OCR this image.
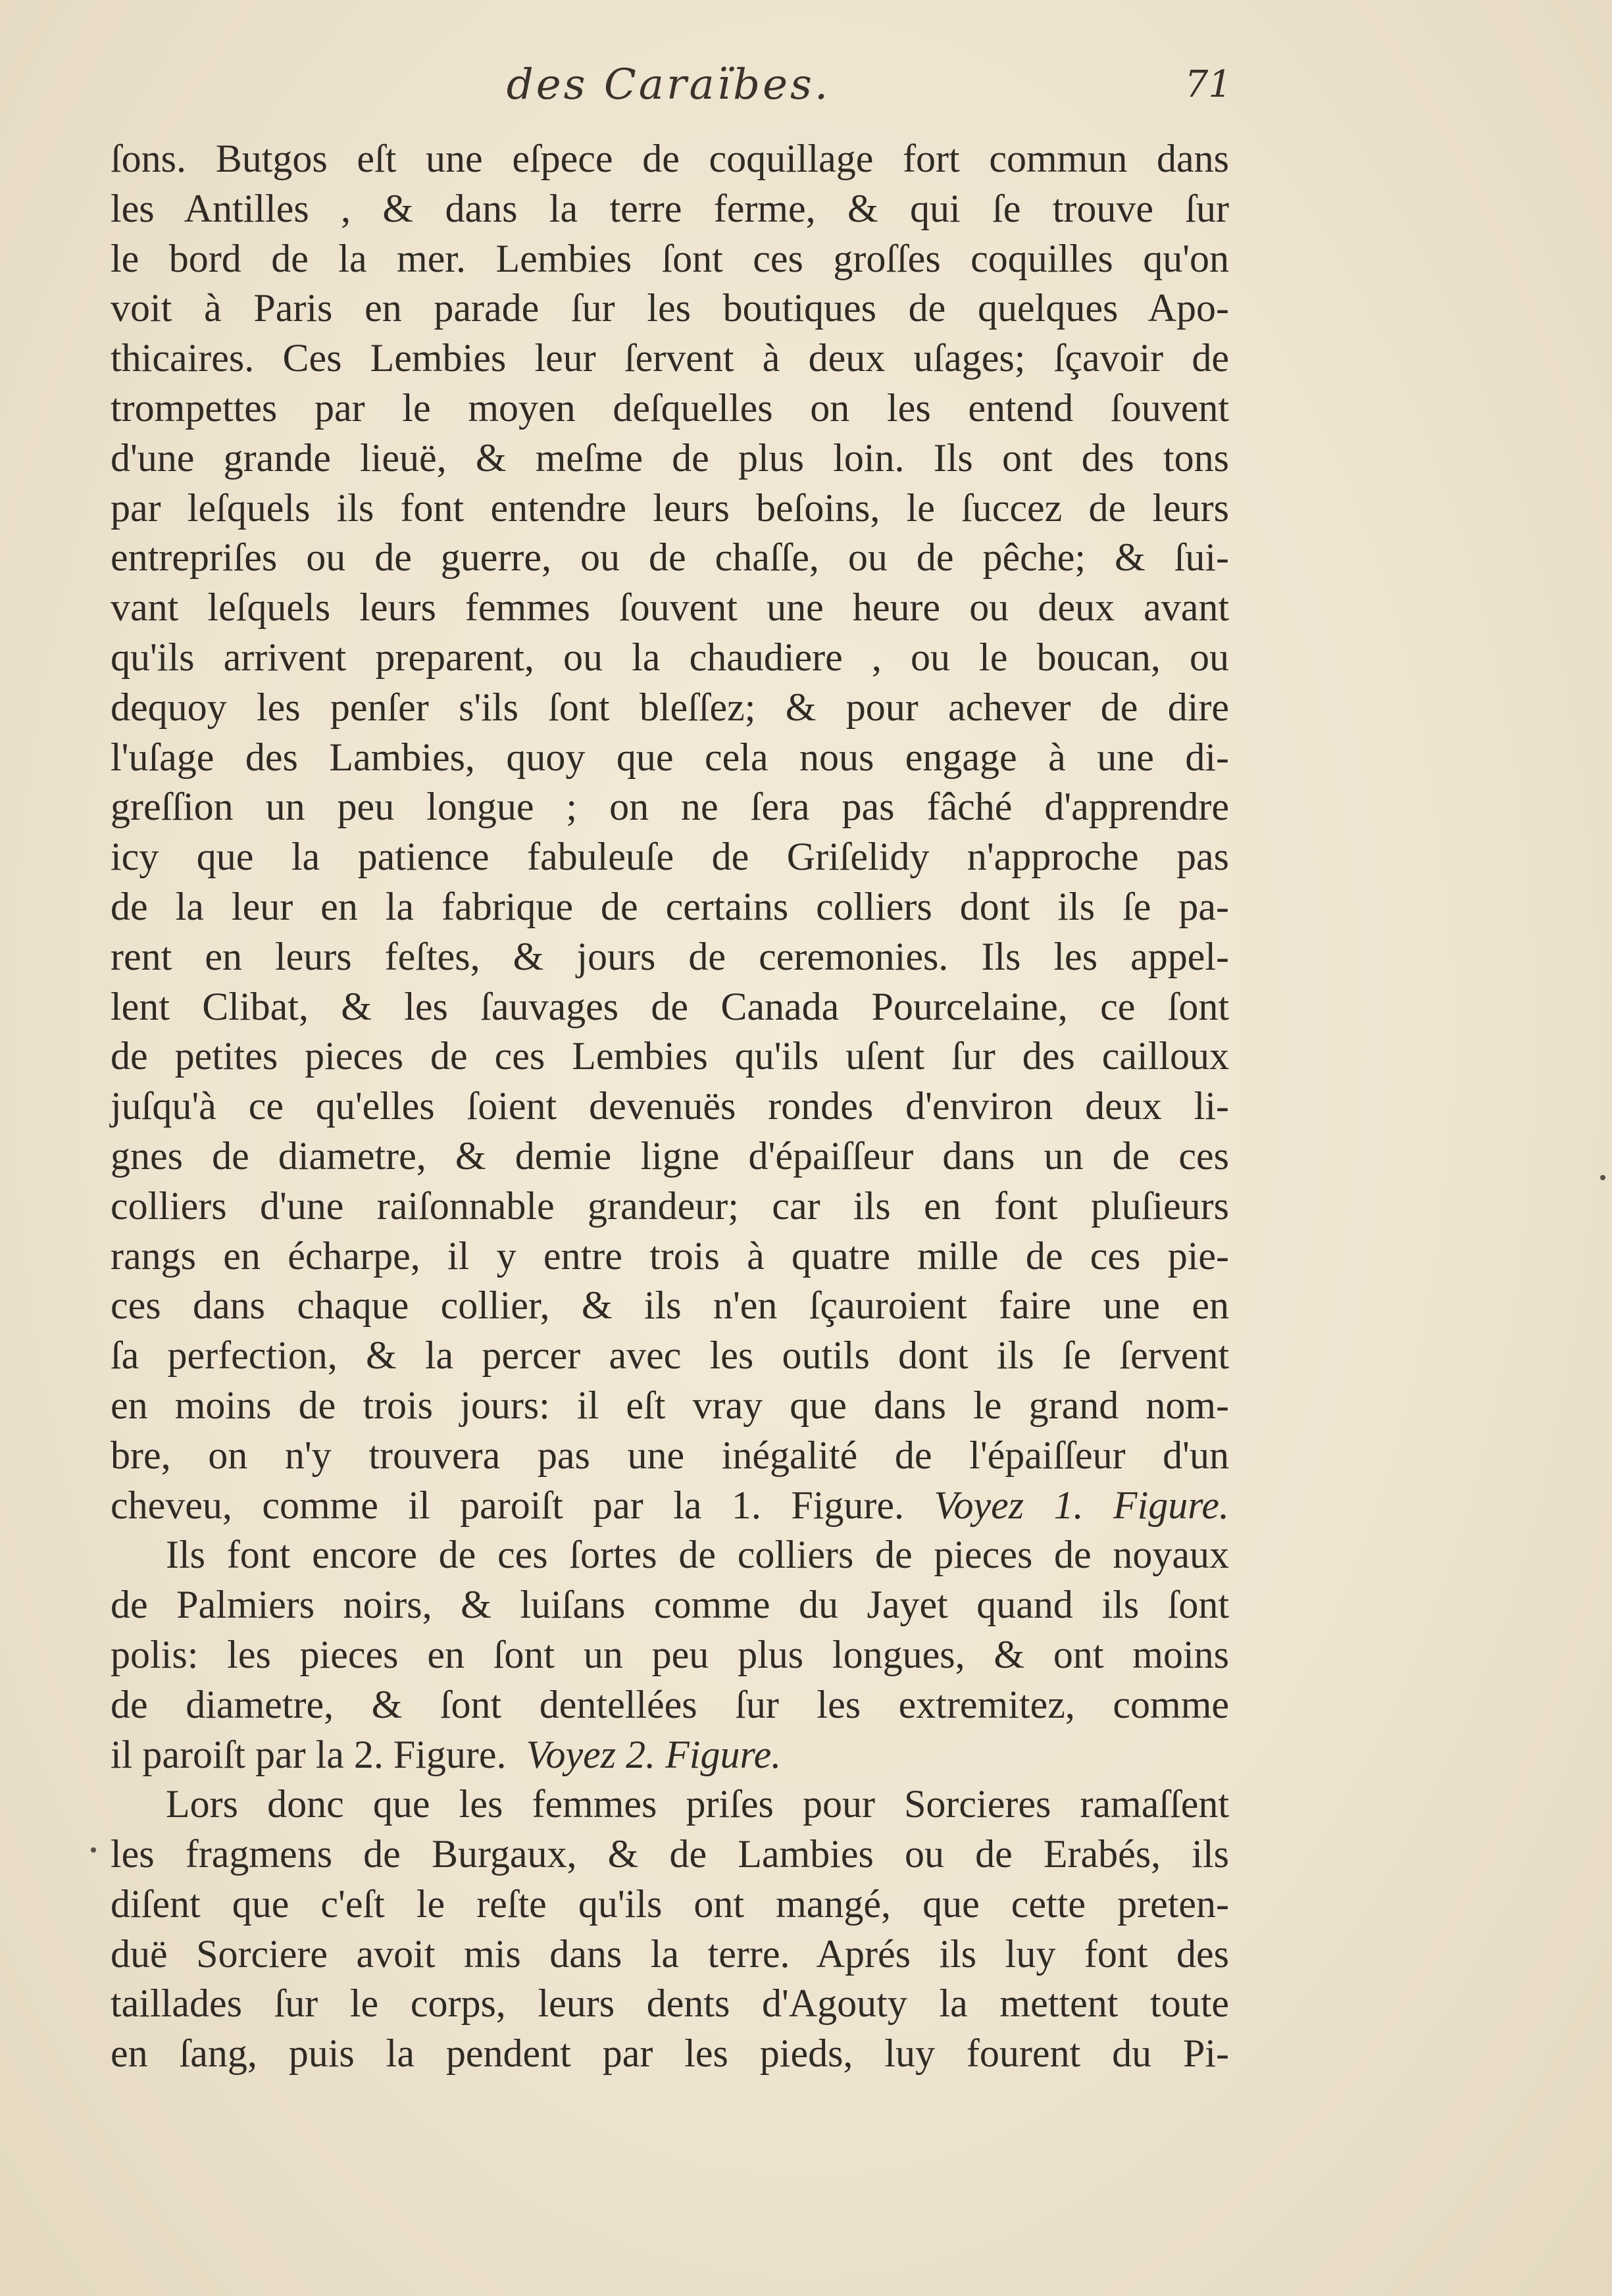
des Caraïbes.	71
ſons. Butgos eſt une eſpece de coquillage fort commun dans
les Antilles , & dans la terre ferme, & qui ſe trouve ſur
le bord de la mer. Lembies ſont ces groſſes coquilles qu'on
voit à Paris en parade ſur les boutiques de quelques Apo-
thicaires. Ces Lembies leur ſervent à deux uſages; ſçavoir de
trompettes par le moyen deſquelles on les entend ſouvent
d'une grande lieuë, & meſme de plus loin. Ils ont des tons
par leſquels ils font entendre leurs beſoins, le ſuccez de leurs
entrepriſes ou de guerre, ou de chaſſe, ou de pêche; & ſui-
vant leſquels leurs femmes ſouvent une heure ou deux avant
qu'ils arrivent preparent, ou la chaudiere , ou le boucan, ou
dequoy les penſer s'ils ſont bleſſez; & pour achever de dire
l'uſage des Lambies, quoy que cela nous engage à une di-
greſſion un peu longue ; on ne ſera pas fâché d'apprendre
icy que la patience fabuleuſe de Griſelidy n'approche pas
de la leur en la fabrique de certains colliers dont ils ſe pa-
rent en leurs feſtes, & jours de ceremonies. Ils les appel-
lent Clibat, & les ſauvages de Canada Pourcelaine, ce ſont
de petites pieces de ces Lembies qu'ils uſent ſur des cailloux
juſqu'à ce qu'elles ſoient devenuës rondes d'environ deux li-
gnes de diametre, & demie ligne d'épaiſſeur dans un de ces
colliers d'une raiſonnable grandeur; car ils en font pluſieurs
rangs en écharpe, il y entre trois à quatre mille de ces pie-
ces dans chaque collier, & ils n'en ſçauroient faire une en
ſa perfection, & la percer avec les outils dont ils ſe ſervent
en moins de trois jours: il eſt vray que dans le grand nom-
bre, on n'y trouvera pas une inégalité de l'épaiſſeur d'un
cheveu, comme il paroiſt par la 1. Figure. Voyez 1. Figure.
Ils font encore de ces ſortes de colliers de pieces de noyaux
de Palmiers noirs, & luiſans comme du Jayet quand ils ſont
polis: les pieces en ſont un peu plus longues, & ont moins
de diametre, & ſont dentellées ſur les extremitez, comme
il paroiſt par la 2. Figure. Voyez 2. Figure.
Lors donc que les femmes priſes pour Sorcieres ramaſſent
les fragmens de Burgaux, & de Lambies ou de Erabés, ils
diſent que c'eſt le reſte qu'ils ont mangé, que cette preten-
duë Sorciere avoit mis dans la terre. Aprés ils luy font des
taillades ſur le corps, leurs dents d'Agouty la mettent toute
en ſang, puis la pendent par les pieds, luy fourent du Pi-
